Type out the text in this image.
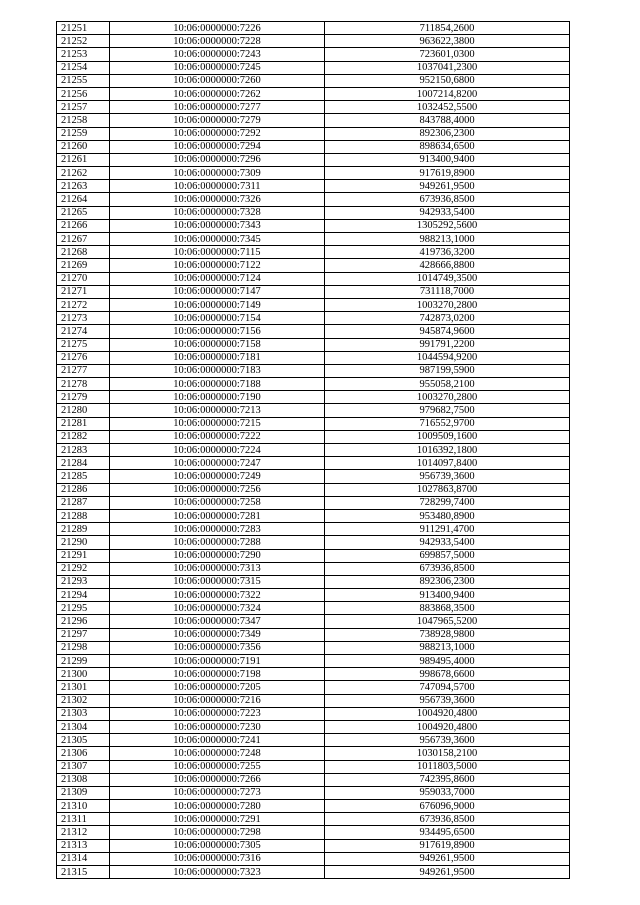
21251	10:06:0000000:7226	711854,2600
21252	10:06:0000000:7228	963622,3800
21253	10:06:0000000:7243	723601,0300
21254	10:06:0000000:7245	1037041,2300
21255	10:06:0000000:7260	952150,6800
21256	10:06:0000000:7262	1007214,8200
21257	10:06:0000000:7277	1032452,5500
21258	10:06:0000000:7279	843788,4000
21259	10:06:0000000:7292	892306,2300
21260	10:06:0000000:7294	898634,6500
21261	10:06:0000000:7296	913400,9400
21262	10:06:0000000:7309	917619,8900
21263	10:06:0000000:7311	949261,9500
21264	10:06:0000000:7326	673936,8500
21265	10:06:0000000:7328	942933,5400
21266	10:06:0000000:7343	1305292,5600
21267	10:06:0000000:7345	988213,1000
21268	10:06:0000000:7115	419736,3200
21269	10:06:0000000:7122	428666,8800
21270	10:06:0000000:7124	1014749,3500
21271	10:06:0000000:7147	731118,7000
21272	10:06:0000000:7149	1003270,2800
21273	10:06:0000000:7154	742873,0200
21274	10:06:0000000:7156	945874,9600
21275	10:06:0000000:7158	991791,2200
21276	10:06:0000000:7181	1044594,9200
21277	10:06:0000000:7183	987199,5900
21278	10:06:0000000:7188	955058,2100
21279	10:06:0000000:7190	1003270,2800
21280	10:06:0000000:7213	979682,7500
21281	10:06:0000000:7215	716552,9700
21282	10:06:0000000:7222	1009509,1600
21283	10:06:0000000:7224	1016392,1800
21284	10:06:0000000:7247	1014097,8400
21285	10:06:0000000:7249	956739,3600
21286	10:06:0000000:7256	1027863,8700
21287	10:06:0000000:7258	728299,7400
21288	10:06:0000000:7281	953480,8900
21289	10:06:0000000:7283	911291,4700
21290	10:06:0000000:7288	942933,5400
21291	10:06:0000000:7290	699857,5000
21292	10:06:0000000:7313	673936,8500
21293	10:06:0000000:7315	892306,2300
21294	10:06:0000000:7322	913400,9400
21295	10:06:0000000:7324	883868,3500
21296	10:06:0000000:7347	1047965,5200
21297	10:06:0000000:7349	738928,9800
21298	10:06:0000000:7356	988213,1000
21299	10:06:0000000:7191	989495,4000
21300	10:06:0000000:7198	998678,6600
21301	10:06:0000000:7205	747094,5700
21302	10:06:0000000:7216	956739,3600
21303	10:06:0000000:7223	1004920,4800
21304	10:06:0000000:7230	1004920,4800
21305	10:06:0000000:7241	956739,3600
21306	10:06:0000000:7248	1030158,2100
21307	10:06:0000000:7255	1011803,5000
21308	10:06:0000000:7266	742395,8600
21309	10:06:0000000:7273	959033,7000
21310	10:06:0000000:7280	676096,9000
21311	10:06:0000000:7291	673936,8500
21312	10:06:0000000:7298	934495,6500
21313	10:06:0000000:7305	917619,8900
21314	10:06:0000000:7316	949261,9500
21315	10:06:0000000:7323	949261,9500
